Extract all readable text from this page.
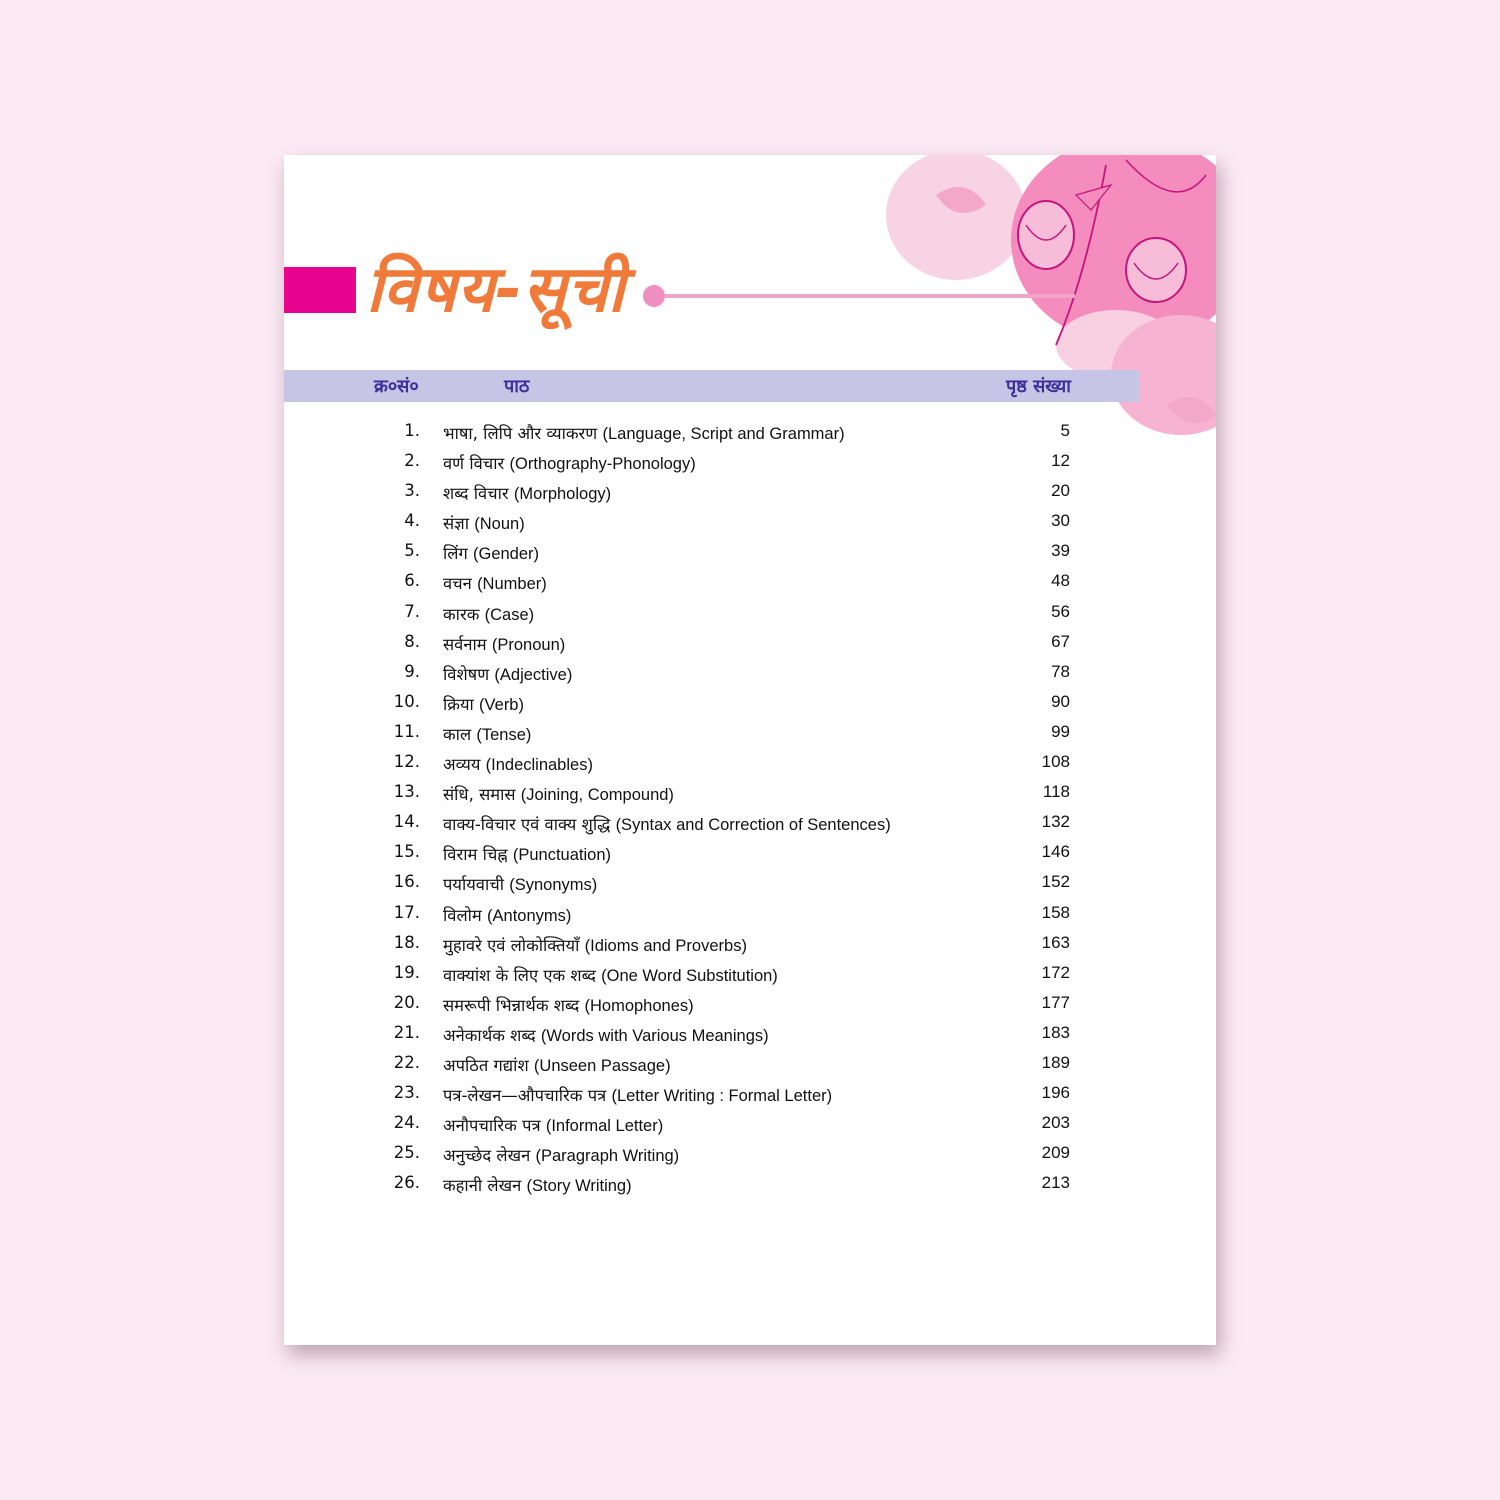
विषय-सूची
क्र०सं०	पाठ	पृष्ठ संख्या
1. भाषा, लिपि और व्याकरण (Language, Script and Grammar)	5
2. वर्ण विचार (Orthography-Phonology)	12
3. शब्द विचार (Morphology)	20
4. संज्ञा (Noun)	30
5. लिंग (Gender)	39
6. वचन (Number)	48
7. कारक (Case)	56
8. सर्वनाम (Pronoun)	67
9. विशेषण (Adjective)	78
10. क्रिया (Verb)	90
11. काल (Tense)	99
12. अव्यय (Indeclinables)	108
13. संधि, समास (Joining, Compound)	118
14. वाक्य-विचार एवं वाक्य शुद्धि (Syntax and Correction of Sentences)	132
15. विराम चिह्न (Punctuation)	146
16. पर्यायवाची (Synonyms)	152
17. विलोम (Antonyms)	158
18. मुहावरे एवं लोकोक्तियाँ (Idioms and Proverbs)	163
19. वाक्यांश के लिए एक शब्द (One Word Substitution)	172
20. समरूपी भिन्नार्थक शब्द (Homophones)	177
21. अनेकार्थक शब्द (Words with Various Meanings)	183
22. अपठित गद्यांश (Unseen Passage)	189
23. पत्र-लेखन—औपचारिक पत्र (Letter Writing : Formal Letter)	196
24. अनौपचारिक पत्र (Informal Letter)	203
25. अनुच्छेद लेखन (Paragraph Writing)	209
26. कहानी लेखन (Story Writing)	213
